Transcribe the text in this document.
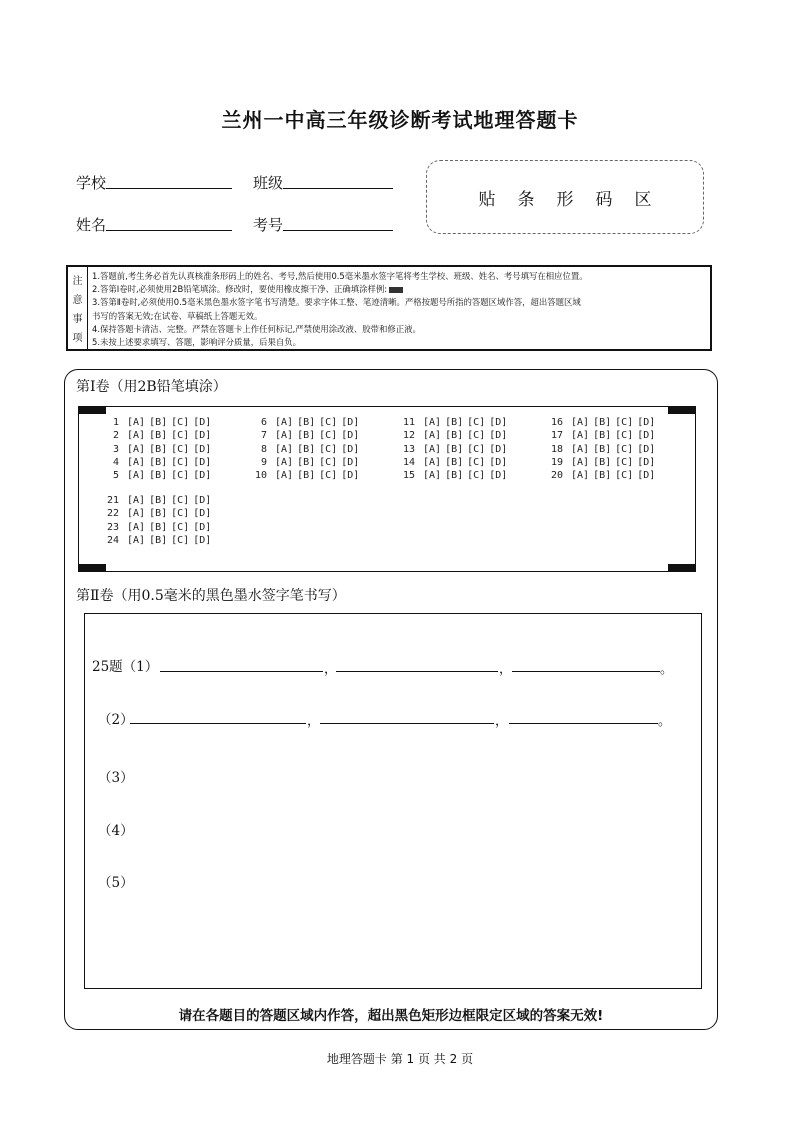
兰州一中高三年级诊断考试地理答题卡
学校	班级
姓名	考号
贴条形码区
注
意
事
项
1.答题前,考生务必首先认真核准条形码上的姓名、考号,然后使用0.5毫米墨水签字笔将考生学校、班级、姓名、考号填写在相应位置。
2.答第Ⅰ卷时,必须使用2B铅笔填涂。修改时，要使用橡皮擦干净、正确填涂样例:
3.答第Ⅱ卷时,必须使用0.5毫米黑色墨水签字笔书写清楚。要求字体工整、笔迹清晰。严格按题号所指的答题区域作答，超出答题区域
书写的答案无效;在试卷、草稿纸上答题无效。
4.保持答题卡清洁、完整。严禁在答题卡上作任何标记,严禁使用涂改液、胶带和修正液。
5.未按上述要求填写、答题，影响评分质量，后果自负。
第Ⅰ卷（用2B铅笔填涂）
1 [A] [B] [C] [D]
2 [A] [B] [C] [D]
3 [A] [B] [C] [D]
4 [A] [B] [C] [D]
5 [A] [B] [C] [D]
6 [A] [B] [C] [D]
7 [A] [B] [C] [D]
8 [A] [B] [C] [D]
9 [A] [B] [C] [D]
10 [A] [B] [C] [D]
11 [A] [B] [C] [D]
12 [A] [B] [C] [D]
13 [A] [B] [C] [D]
14 [A] [B] [C] [D]
15 [A] [B] [C] [D]
16 [A] [B] [C] [D]
17 [A] [B] [C] [D]
18 [A] [B] [C] [D]
19 [A] [B] [C] [D]
20 [A] [B] [C] [D]
21 [A] [B] [C] [D]
22 [A] [B] [C] [D]
23 [A] [B] [C] [D]
24 [A] [B] [C] [D]
第Ⅱ卷（用0.5毫米的黑色墨水签字笔书写）
25题（1）	，	，	。
（2）	，	，	。
（3）
（4）
（5）
请在各题目的答题区域内作答，超出黑色矩形边框限定区域的答案无效!
地理答题卡 第 1 页 共 2 页
